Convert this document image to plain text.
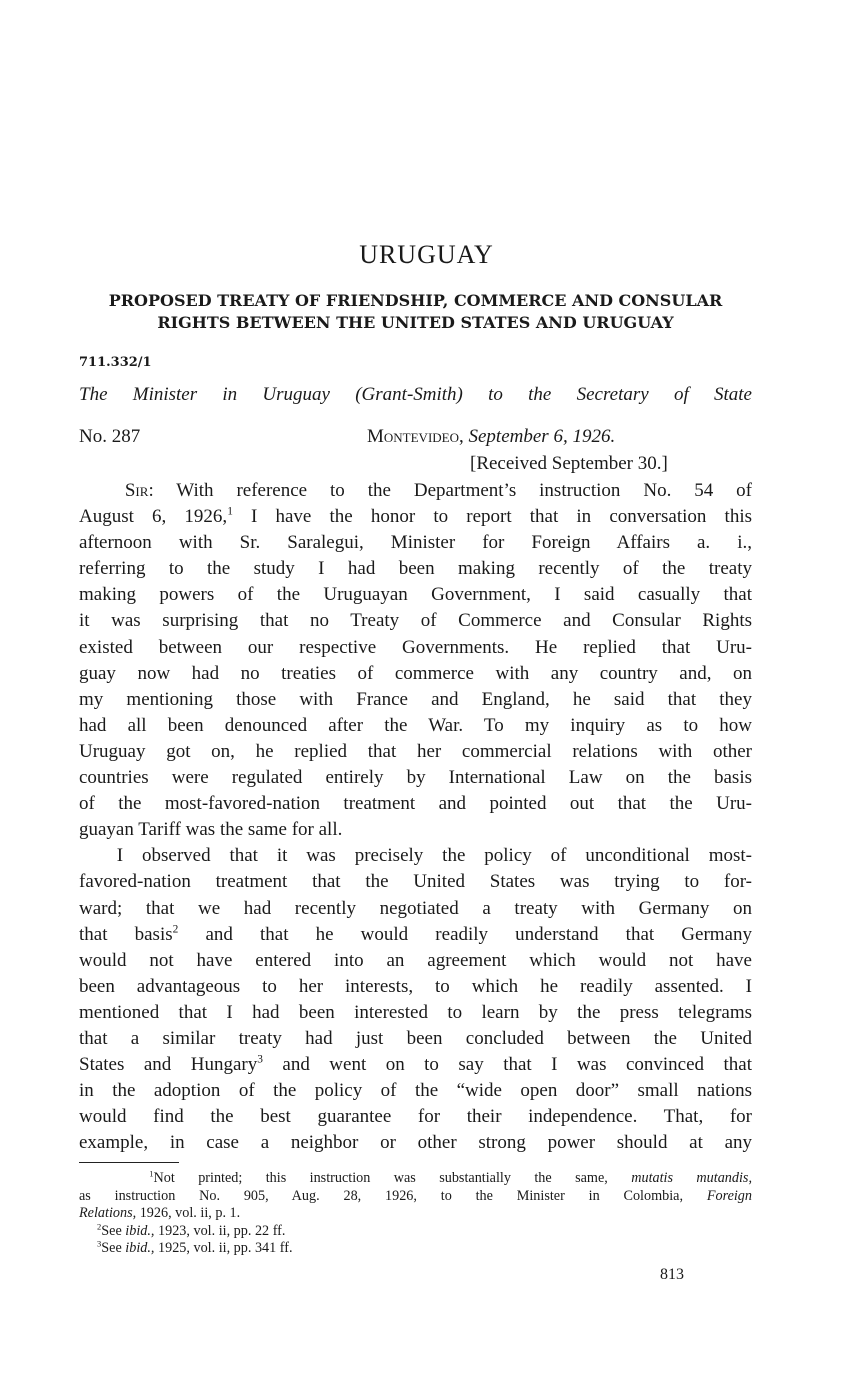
URUGUAY
PROPOSED TREATY OF FRIENDSHIP, COMMERCE AND CONSULAR
RIGHTS BETWEEN THE UNITED STATES AND URUGUAY
711.332/1
The Minister in Uruguay (Grant-Smith) to the Secretary of State
No. 287	Montevideo, September 6, 1926.
[Received September 30.]
Sir: With reference to the Department’s instruction No. 54 of
August 6, 1926,$^1$ I have the honor to report that in conversation this
afternoon with Sr. Saralegui, Minister for Foreign Affairs a. i.,
referring to the study I had been making recently of the treaty
making powers of the Uruguayan Government, I said casually that
it was surprising that no Treaty of Commerce and Consular Rights
existed between our respective Governments. He replied that Uru-
guay now had no treaties of commerce with any country and, on
my mentioning those with France and England, he said that they
had all been denounced after the War. To my inquiry as to how
Uruguay got on, he replied that her commercial relations with other
countries were regulated entirely by International Law on the basis
of the most-favored-nation treatment and pointed out that the Uru-
guayan Tariff was the same for all.
I observed that it was precisely the policy of unconditional most-
favored-nation treatment that the United States was trying to for-
ward; that we had recently negotiated a treaty with Germany on
that basis$^2$ and that he would readily understand that Germany
would not have entered into an agreement which would not have
been advantageous to her interests, to which he readily assented. I
mentioned that I had been interested to learn by the press telegrams
that a similar treaty had just been concluded between the United
States and Hungary$^3$ and went on to say that I was convinced that
in the adoption of the policy of the “wide open door” small nations
would find the best guarantee for their independence. That, for
example, in case a neighbor or other strong power should at any
$^1$Not printed; this instruction was substantially the same, mutatis mutandis,
as instruction No. 905, Aug. 28, 1926, to the Minister in Colombia, Foreign
Relations, 1926, vol. ii, p. 1.
$^2$See ibid., 1923, vol. ii, pp. 22 ff.
$^3$See ibid., 1925, vol. ii, pp. 341 ff.
813
